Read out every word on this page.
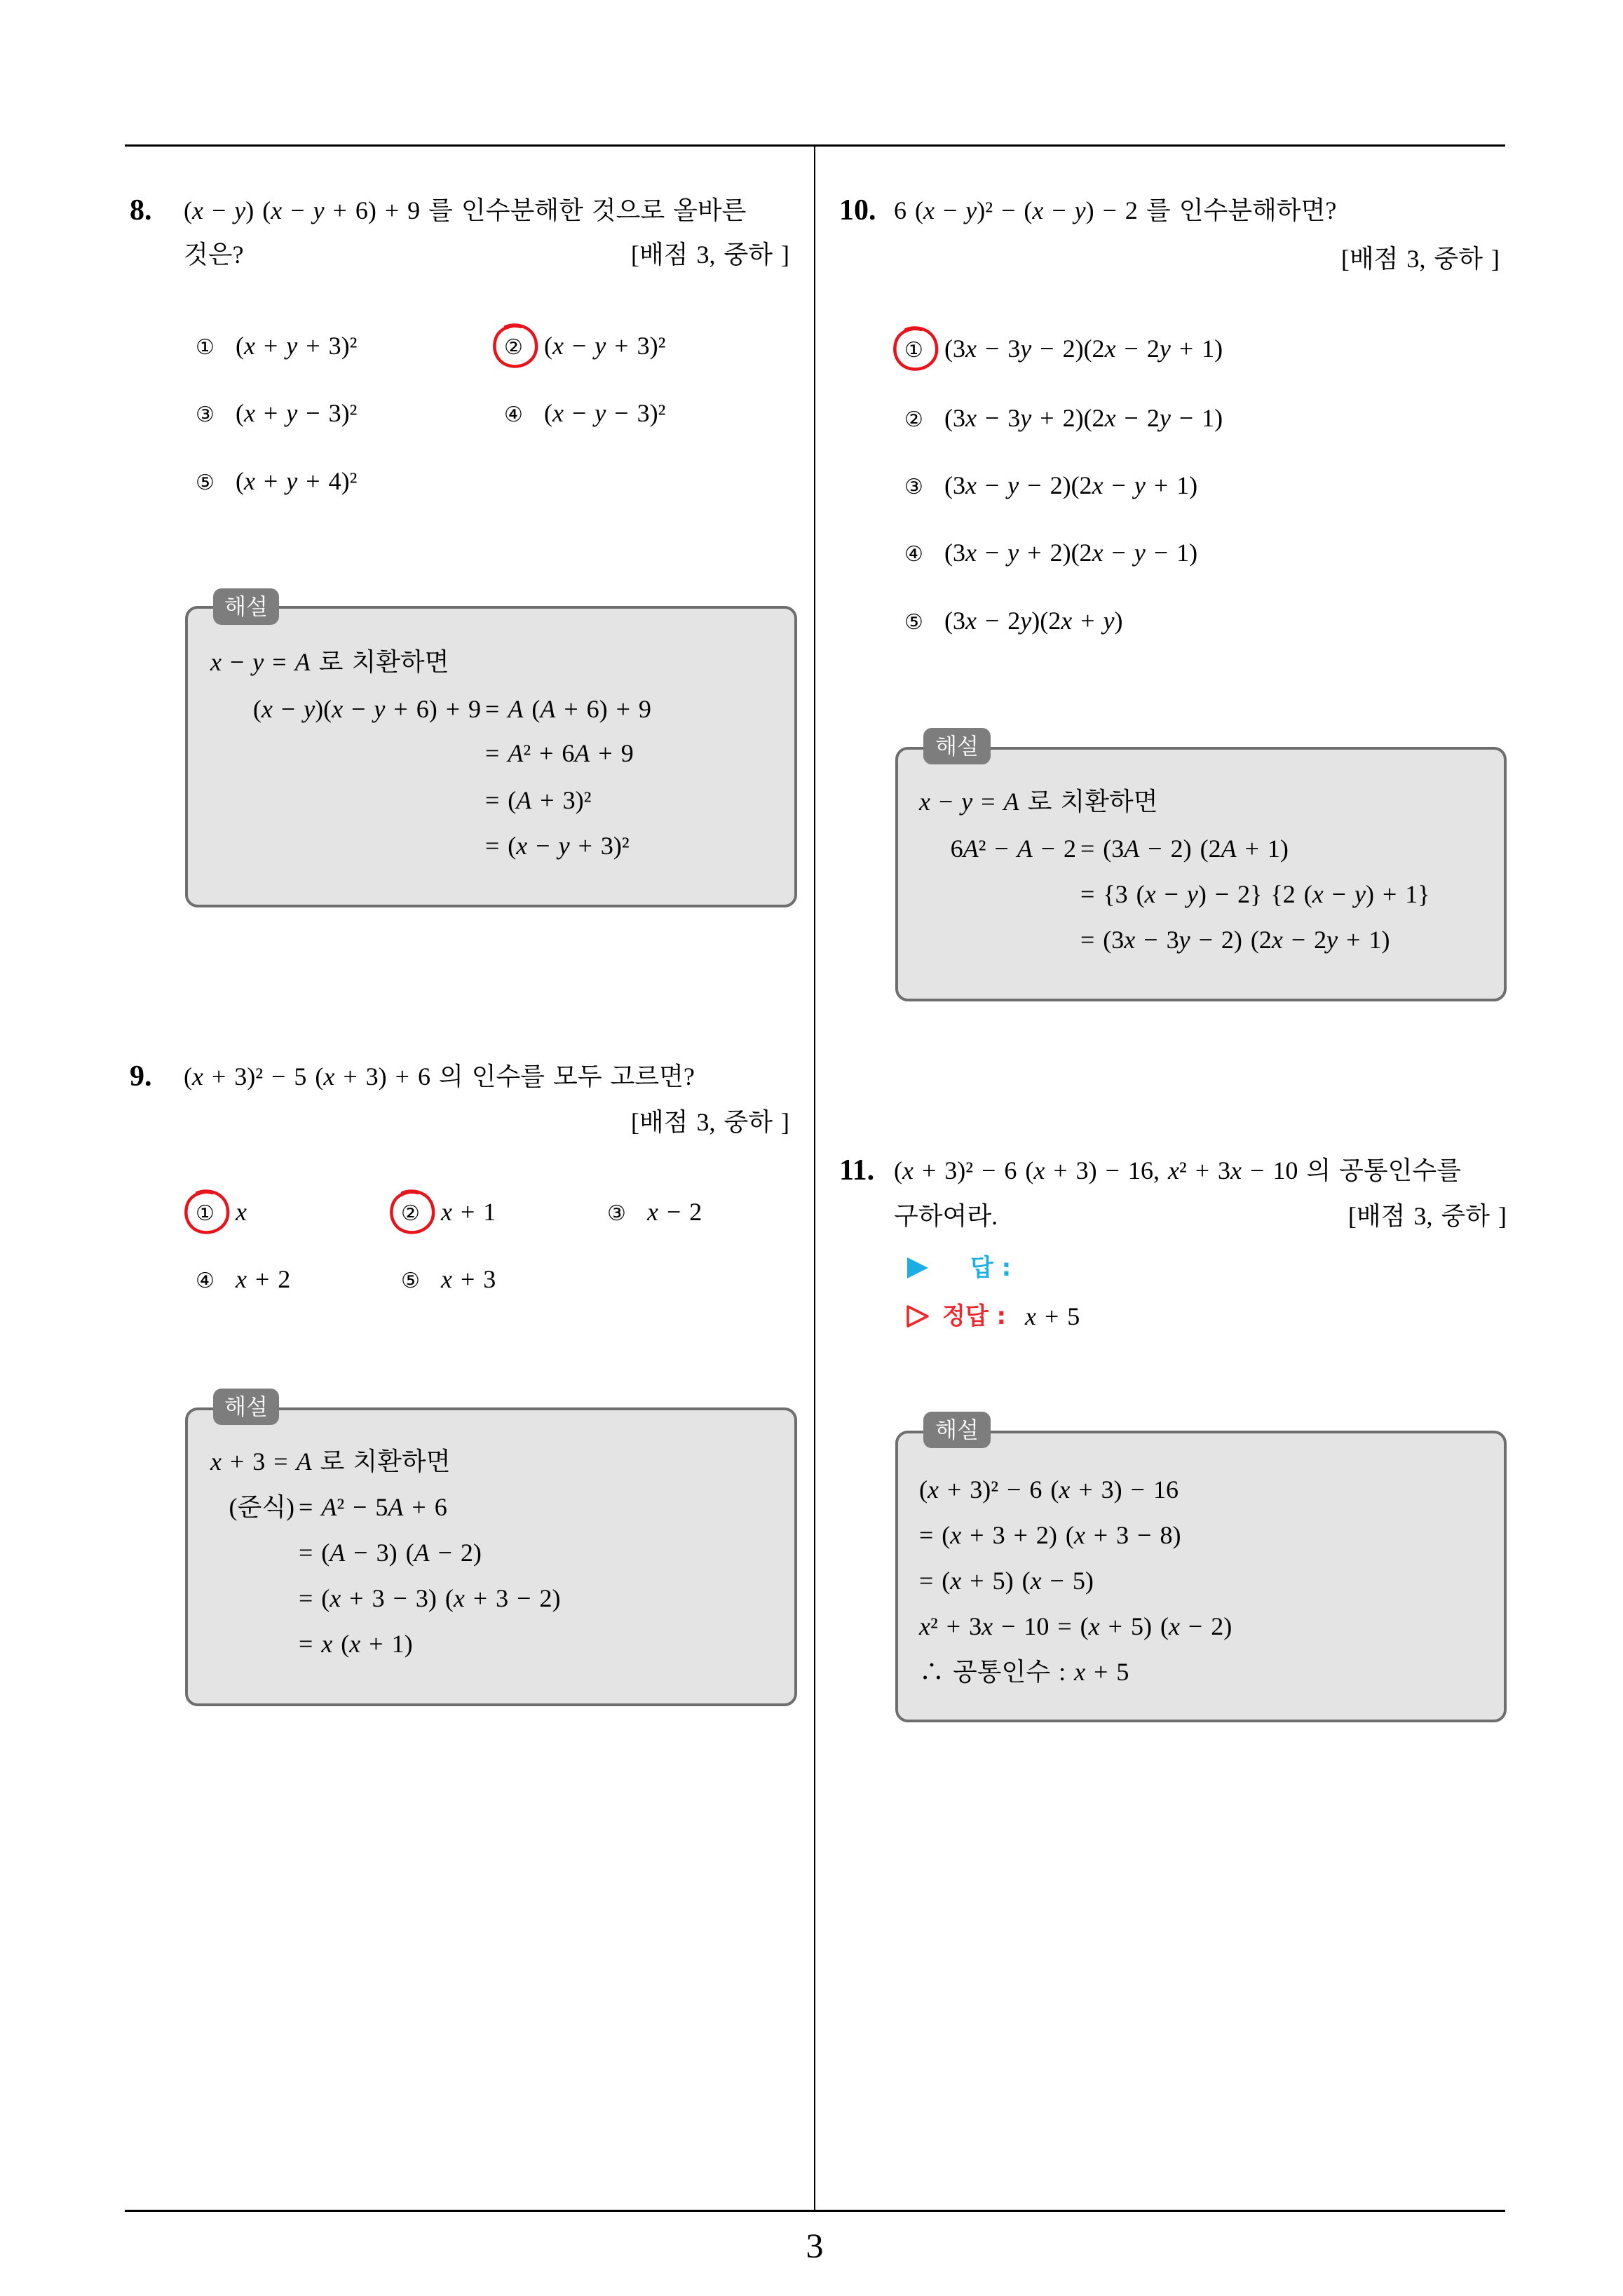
8. (x − y) (x − y + 6) + 9 를 인수분해한 것으로 올바른
것은?	[배점 3, 중하 ]
① (x + y + 3)²	② (x − y + 3)²
③ (x + y − 3)²	④ (x − y − 3)²
⑤ (x + y + 4)²
해설
x − y = A 로 치환하면
(x − y)(x − y + 6) + 9 = A (A + 6) + 9
= A² + 6A + 9
= (A + 3)²
= (x − y + 3)²
9. (x + 3)² − 5 (x + 3) + 6 의 인수를 모두 고르면?
[배점 3, 중하 ]
① x	② x + 1	③ x − 2
④ x + 2	⑤ x + 3
해설
x + 3 = A 로 치환하면
(준식) = A² − 5A + 6
= (A − 3) (A − 2)
= (x + 3 − 3) (x + 3 − 2)
= x (x + 1)
10. 6 (x − y)² − (x − y) − 2 를 인수분해하면?
[배점 3, 중하 ]
① (3x − 3y − 2)(2x − 2y + 1)
② (3x − 3y + 2)(2x − 2y − 1)
③ (3x − y − 2)(2x − y + 1)
④ (3x − y + 2)(2x − y − 1)
⑤ (3x − 2y)(2x + y)
해설
x − y = A 로 치환하면
6A² − A − 2 = (3A − 2) (2A + 1)
= {3 (x − y) − 2} {2 (x − y) + 1}
= (3x − 3y − 2) (2x − 2y + 1)
11. (x + 3)² − 6 (x + 3) − 16, x² + 3x − 10 의 공통인수를
구하여라.	[배점 3, 중하 ]
답 :
정답 : x + 5
해설
(x + 3)² − 6 (x + 3) − 16
= (x + 3 + 2) (x + 3 − 8)
= (x + 5) (x − 5)
x² + 3x − 10 = (x + 5) (x − 2)
∴ 공통인수 : x + 5
3
